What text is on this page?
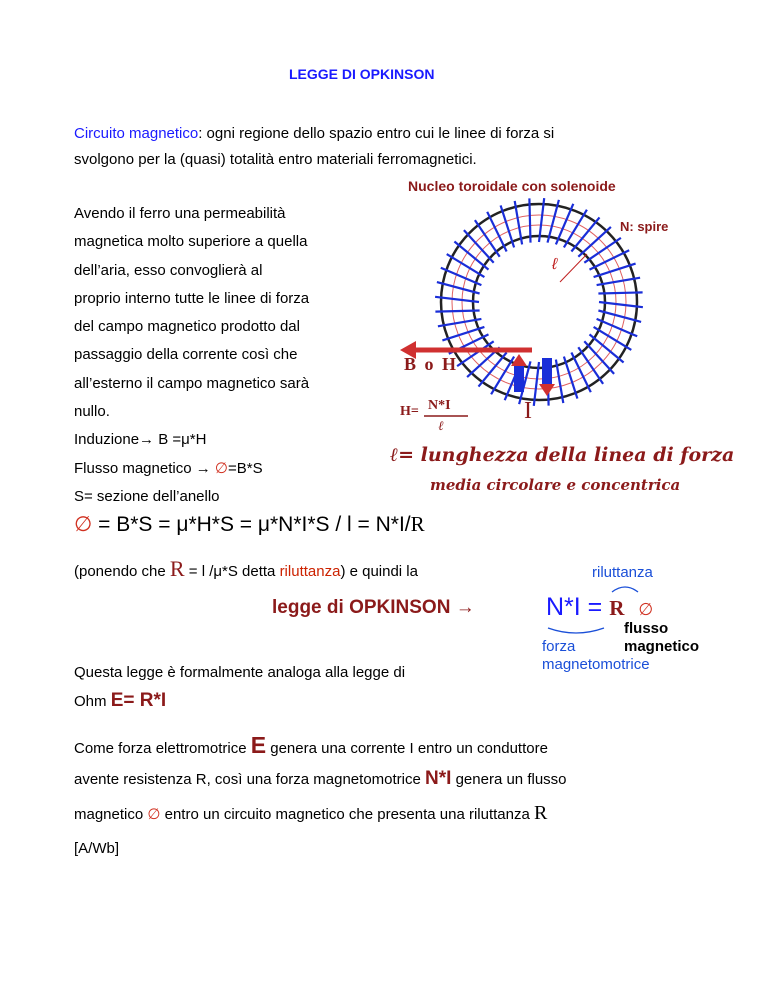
LEGGE DI OPKINSON
Circuito magnetico: ogni regione dello spazio entro cui le linee di forza si
svolgono per la (quasi) totalità entro materiali ferromagnetici.
Avendo il ferro una permeabilità
magnetica molto superiore a quella
dell’aria, esso convoglierà al
proprio interno tutte le linee di forza
del campo magnetico prodotto dal
passaggio della corrente così che
all’esterno il campo magnetico sarà
nullo.
Induzione→ B =μ*H
Flusso magnetico → ∅=B*S
S= sezione dell’anello
∅ = B*S = μ*H*S = μ*N*I*S / l = N*I/R
(ponendo che R = l /μ*S detta riluttanza) e quindi la
legge di OPKINSON →
riluttanza
N*I = R ∅
flusso
magnetico
forza
magnetomotrice
Questa legge è formalmente analoga alla legge di
Ohm E= R*I
Come forza elettromotrice E genera una corrente I entro un conduttore
avente resistenza R, così una forza magnetomotrice N*I genera un flusso
magnetico ∅ entro un circuito magnetico che presenta una riluttanza R
[A/Wb]
Nucleo toroidale con solenoide
N: spire
ℓ
B o H
H= N*I
ℓ
I
ℓ= lunghezza della linea di forza
media circolare e concentrica
